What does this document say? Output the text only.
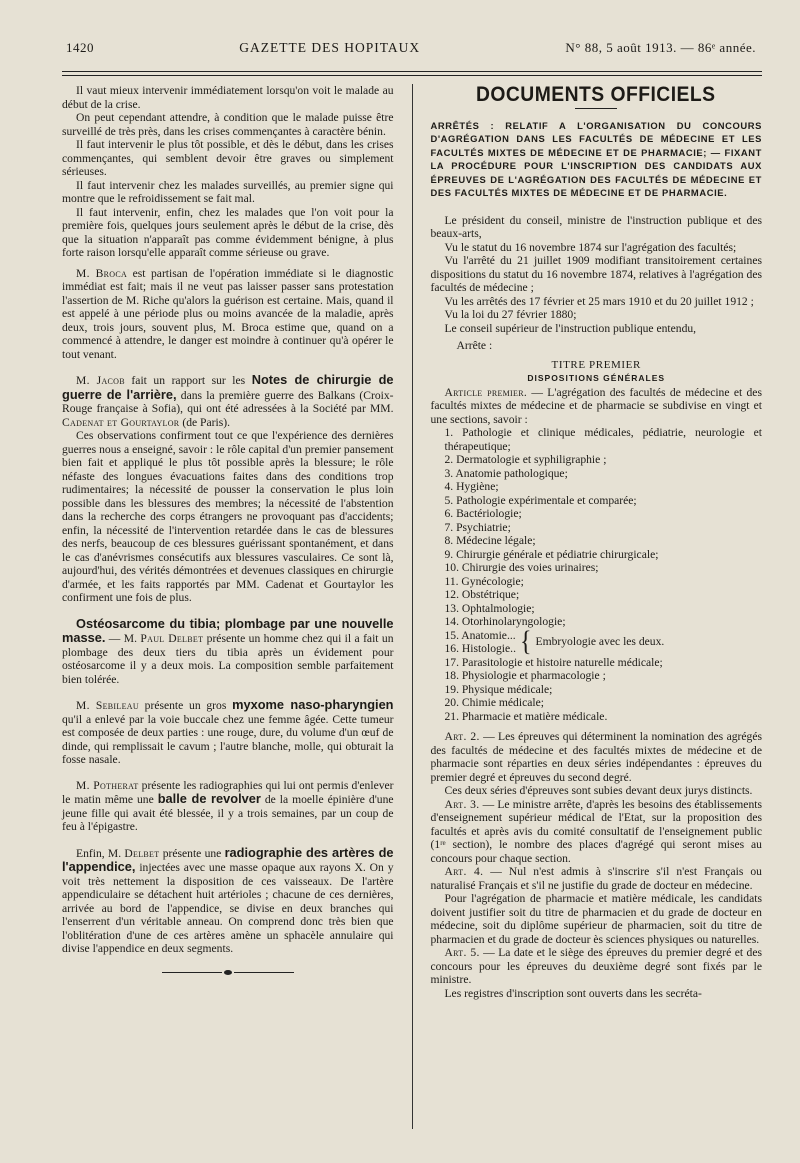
1420	GAZETTE DES HOPITAUX	N° 88, 5 août 1913. — 86ᵉ année.

Il vaut mieux intervenir immédiatement lorsqu'on voit le malade au début de la crise.

On peut cependant attendre, à condition que le malade puisse être surveillé de très près, dans les crises commençantes à caractère bénin.

Il faut intervenir le plus tôt possible, et dès le début, dans les crises commençantes, qui semblent devoir être graves ou simplement sérieuses.

Il faut intervenir chez les malades surveillés, au premier signe qui montre que le refroidissement se fait mal.

Il faut intervenir, enfin, chez les malades que l'on voit pour la première fois, quelques jours seulement après le début de la crise, dès que la situation n'apparaît pas comme évidemment bénigne, à plus forte raison lorsqu'elle apparaît comme sérieuse ou grave.

M. Broca est partisan de l'opération immédiate si le diagnostic immédiat est fait; mais il ne veut pas laisser passer sans protestation l'assertion de M. Riche qu'alors la guérison est certaine. Mais, quand il est appelé à une période plus ou moins avancée de la maladie, après deux, trois jours, souvent plus, M. Broca estime que, quand on a commencé à attendre, le danger est moindre à continuer qu'à opérer le tout venant.

M. Jacob fait un rapport sur les Notes de chirurgie de guerre de l'arrière, dans la première guerre des Balkans (Croix-Rouge française à Sofia), qui ont été adressées à la Société par MM. Cadenat et Gourtaylor (de Paris).

Ces observations confirment tout ce que l'expérience des dernières guerres nous a enseigné, savoir : le rôle capital d'un premier pansement bien fait et appliqué le plus tôt possible après la blessure; le rôle néfaste des longues évacuations faites dans des conditions trop rudimentaires; la nécessité de pousser la conservation le plus loin possible dans les blessures des membres; la nécessité de l'abstention dans la recherche des corps étrangers ne provoquant pas d'accidents; enfin, la nécessité de l'intervention retardée dans le cas de blessures des nerfs, beaucoup de ces blessures guérissant spontanément, et dans le cas d'anévrismes consécutifs aux blessures vasculaires. Ce sont là, aujourd'hui, des vérités démontrées et devenues classiques en chirurgie d'armée, et les faits rapportés par MM. Cadenat et Gourtaylor les confirment une fois de plus.

Ostéosarcome du tibia; plombage par une nouvelle masse. — M. Paul Delbet présente un homme chez qui il a fait un plombage des deux tiers du tibia après un évidement pour ostéosarcome il y a deux mois. La composition semble parfaitement bien tolérée.

M. Sebileau présente un gros myxome naso-pharyngien qu'il a enlevé par la voie buccale chez une femme âgée. Cette tumeur est composée de deux parties : une rouge, dure, du volume d'un œuf de dinde, qui remplissait le cavum ; l'autre blanche, molle, qui obturait la fosse nasale.

M. Potherat présente les radiographies qui lui ont permis d'enlever le matin même une balle de revolver de la moelle épinière d'une jeune fille qui avait été blessée, il y a trois semaines, par un coup de feu à l'épigastre.

Enfin, M. Delbet présente une radiographie des artères de l'appendice, injectées avec une masse opaque aux rayons X. On y voit très nettement la disposition de ces vaisseaux. De l'artère appendiculaire se détachent huit artérioles ; chacune de ces dernières, arrivée au bord de l'appendice, se divise en deux branches qui l'enserrent d'un véritable anneau. On comprend donc très bien que l'oblitération d'une de ces artères amène un sphacèle annulaire qui divise l'appendice en deux segments.

DOCUMENTS OFFICIELS
ARRÊTÉS : RELATIF A L'ORGANISATION DU CONCOURS D'AGRÉGATION DANS LES FACULTÉS DE MÉDECINE ET LES FACULTÉS MIXTES DE MÉDECINE ET DE PHARMACIE; — FIXANT LA PROCÉDURE POUR L'INSCRIPTION DES CANDIDATS AUX ÉPREUVES DE L'AGRÉGATION DES FACULTÉS DE MÉDECINE ET DES FACULTÉS MIXTES DE MÉDECINE ET DE PHARMACIE.

Le président du conseil, ministre de l'instruction publique et des beaux-arts,

Vu le statut du 16 novembre 1874 sur l'agrégation des facultés;

Vu l'arrêté du 21 juillet 1909 modifiant transitoirement certaines dispositions du statut du 16 novembre 1874, relatives à l'agrégation des facultés de médecine ;

Vu les arrêtés des 17 février et 25 mars 1910 et du 20 juillet 1912 ;

Vu la loi du 27 février 1880;

Le conseil supérieur de l'instruction publique entendu,

Arrête :

TITRE PREMIER

DISPOSITIONS GÉNÉRALES

Article premier. — L'agrégation des facultés de médecine et des facultés mixtes de médecine et de pharmacie se subdivise en vingt et une sections, savoir :

1. Pathologie et clinique médicales, pédiatrie, neurologie et thérapeutique;
2. Dermatologie et syphiligraphie ;
3. Anatomie pathologique;
4. Hygiène;
5. Pathologie expérimentale et comparée;
6. Bactériologie;
7. Psychiatrie;
8. Médecine légale;
9. Chirurgie générale et pédiatrie chirurgicale;
10. Chirurgie des voies urinaires;
11. Gynécologie;
12. Obstétrique;
13. Ophtalmologie;
14. Otorhinolaryngologie;
15. Anatomie...
16. Histologie.. { Embryologie avec les deux.
17. Parasitologie et histoire naturelle médicale;
18. Physiologie et pharmacologie ;
19. Physique médicale;
20. Chimie médicale;
21. Pharmacie et matière médicale.

Art. 2. — Les épreuves qui déterminent la nomination des agrégés des facultés de médecine et des facultés mixtes de médecine et de pharmacie sont réparties en deux séries indépendantes : épreuves du premier degré et épreuves du second degré.

Ces deux séries d'épreuves sont subies devant deux jurys distincts.

Art. 3. — Le ministre arrête, d'après les besoins des établissements d'enseignement supérieur médical de l'Etat, sur la proposition des facultés et après avis du comité consultatif de l'enseignement public (1ʳᵉ section), le nombre des places d'agrégé qui seront mises au concours pour chaque section.

Art. 4. — Nul n'est admis à s'inscrire s'il n'est Français ou naturalisé Français et s'il ne justifie du grade de docteur en médecine.

Pour l'agrégation de pharmacie et matière médicale, les candidats doivent justifier soit du titre de pharmacien et du grade de docteur en médecine, soit du diplôme supérieur de pharmacien, soit du titre de pharmacien et du grade de docteur ès sciences physiques ou naturelles.

Art. 5. — La date et le siège des épreuves du premier degré et des concours pour les épreuves du deuxième degré sont fixés par le ministre.

Les registres d'inscription sont ouverts dans les secréta-
